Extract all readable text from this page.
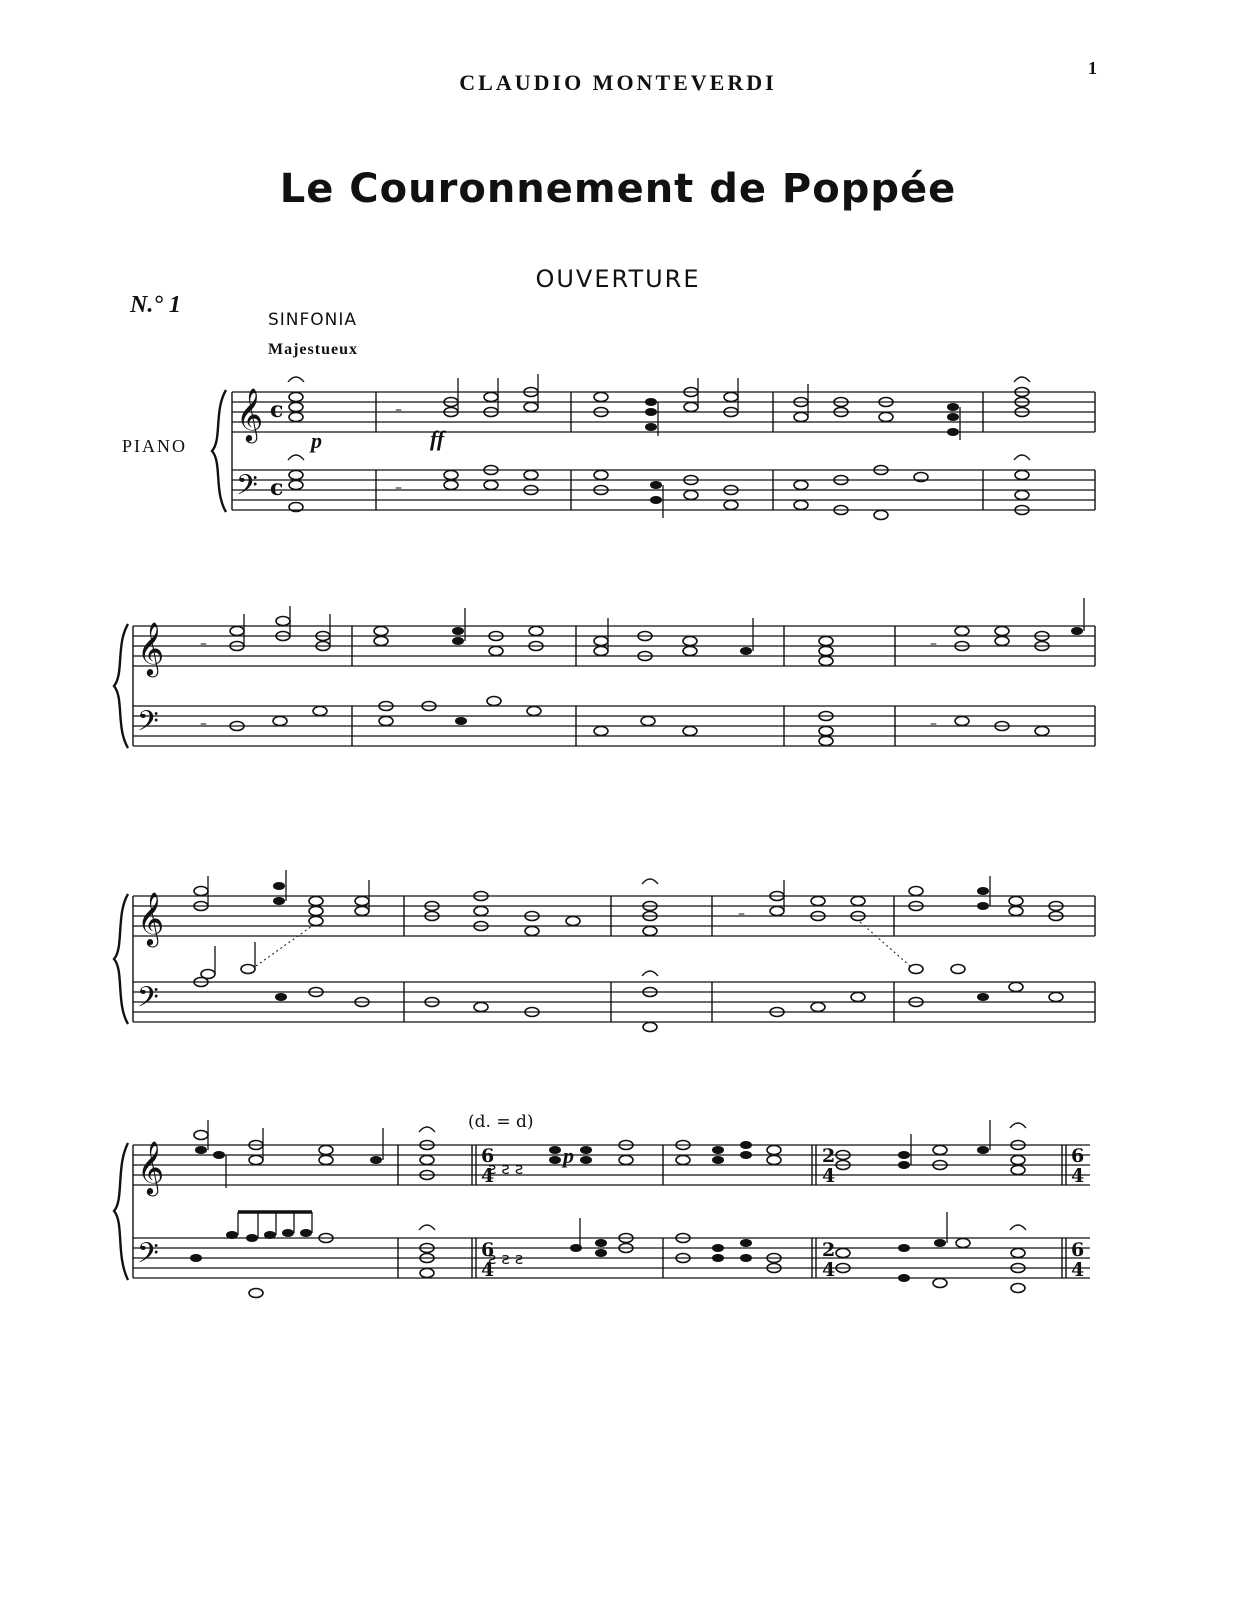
CLAUDIO MONTEVERDI
1
Le Couronnement de Poppée
OUVERTURE
N.° 1
SINFONIA
Majestueux
PIANO	p	ff
p
(d. = d)
𝄞
𝄢
c
c
–
–
𝄞
𝄢
–
–
–
–
𝄞
𝄢
–
–
𝄞
𝄢
6
4
6
4
2
4
2
4
6
4
6
4
ƨ ƨ ƨ
ƨ ƨ ƨ
